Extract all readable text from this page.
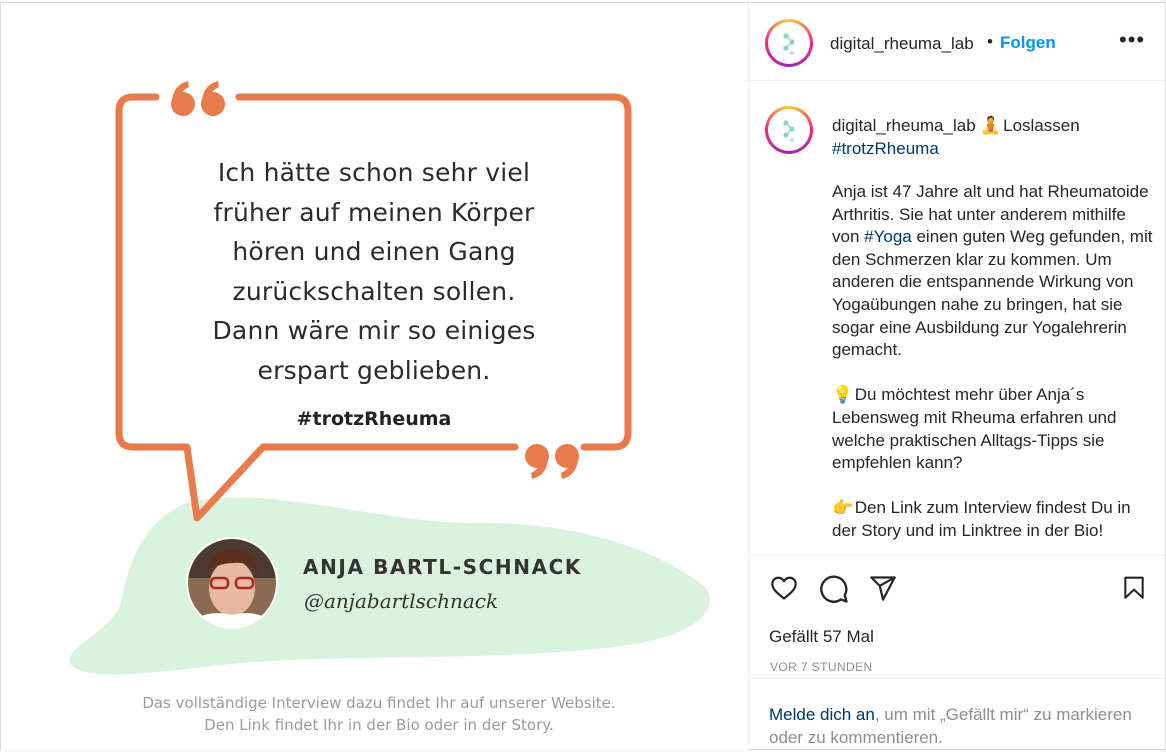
Ich hätte schon sehr viel
früher auf meinen Körper
hören und einen Gang
zurückschalten sollen.
Dann wäre mir so einiges
erspart geblieben.
#trotzRheuma
ANJA BARTL-SCHNACK
@anjabartlschnack
Das vollständige Interview dazu findet Ihr auf unserer Website.
Den Link findet Ihr in der Bio oder in der Story.
digital_rheuma_lab • Folgen	•••
digital_rheuma_lab 🧘 Loslassen
#trotzRheuma

Anja ist 47 Jahre alt und hat Rheumatoide Arthritis. Sie hat unter anderem mithilfe von #Yoga einen guten Weg gefunden, mit den Schmerzen klar zu kommen. Um anderen die entspannende Wirkung von Yogaübungen nahe zu bringen, hat sie sogar eine Ausbildung zur Yogalehrerin gemacht.

💡 Du möchtest mehr über Anja´s Lebensweg mit Rheuma erfahren und welche praktischen Alltags-Tipps sie empfehlen kann?

👉 Den Link zum Interview findest Du in der Story und im Linktree in der Bio!

Gefällt 57 Mal
VOR 7 STUNDEN
Melde dich an, um mit „Gefällt mir“ zu markieren oder zu kommentieren.
